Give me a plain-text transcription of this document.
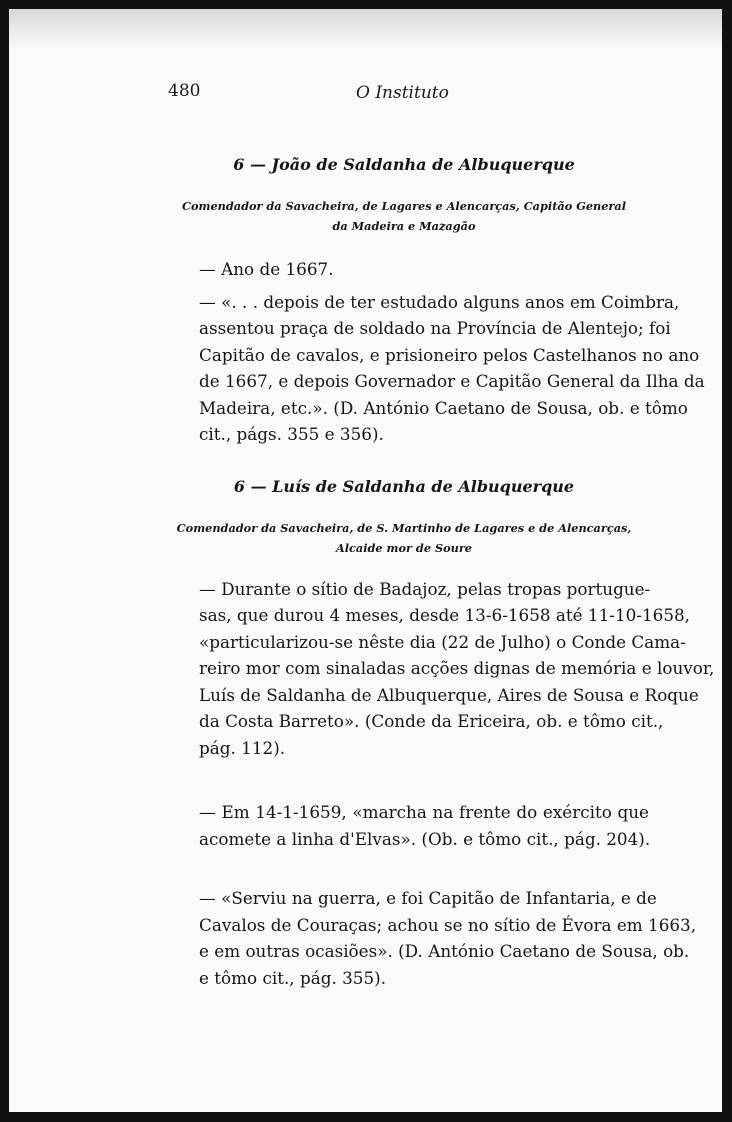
480	O Instituto
6 — João de Saldanha de Albuquerque
Comendador da Savacheira, de Lagares e Alencarças, Capitão General
da Madeira e Mazagão

— Ano de 1667.

— «. . . depois de ter estudado alguns anos em Coimbra,
assentou praça de soldado na Província de Alentejo; foi
Capitão de cavalos, e prisioneiro pelos Castelhanos no ano
de 1667, e depois Governador e Capitão General da Ilha da
Madeira, etc.». (D. António Caetano de Sousa, ob. e tômo
cit., págs. 355 e 356).

6 — Luís de Saldanha de Albuquerque
Comendador da Savacheira, de S. Martinho de Lagares e de Alencarças,
Alcaide mor de Soure

— Durante o sítio de Badajoz, pelas tropas portugue-
sas, que durou 4 meses, desde 13-6-1658 até 11-10-1658,
«particularizou-se nêste dia (22 de Julho) o Conde Cama-
reiro mor com sinaladas acções dignas de memória e louvor,
Luís de Saldanha de Albuquerque, Aires de Sousa e Roque
da Costa Barreto». (Conde da Ericeira, ob. e tômo cit.,
pág. 112).

— Em 14-1-1659, «marcha na frente do exército que
acomete a linha d'Elvas». (Ob. e tômo cit., pág. 204).

— «Serviu na guerra, e foi Capitão de Infantaria, e de
Cavalos de Couraças; achou se no sítio de Évora em 1663,
e em outras ocasiões». (D. António Caetano de Sousa, ob.
e tômo cit., pág. 355).
